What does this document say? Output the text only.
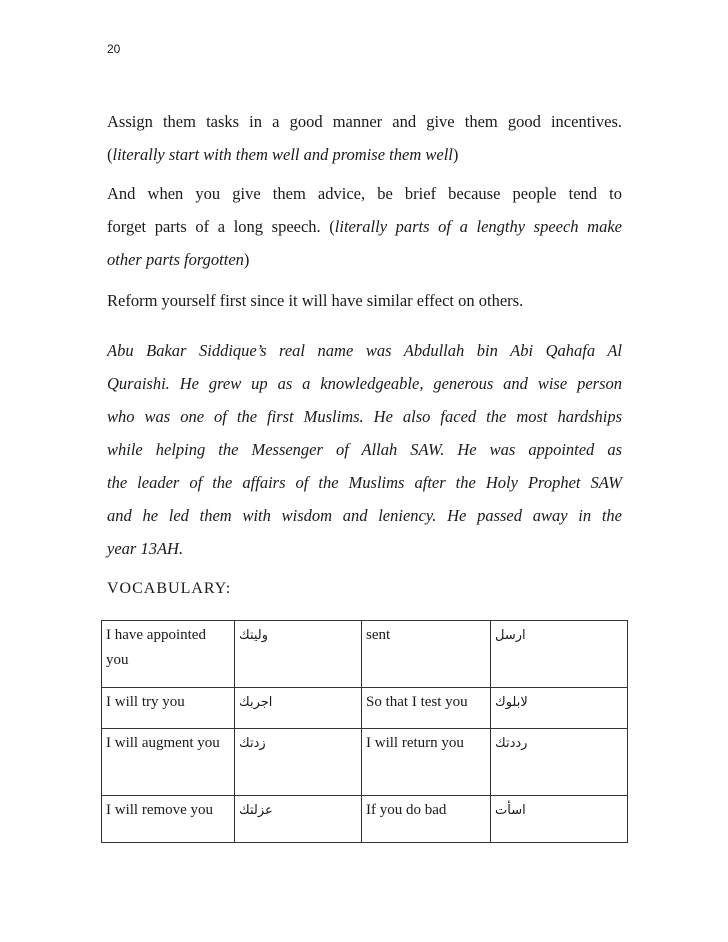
20
Assign them tasks in a good manner and give them good incentives.
(literally start with them well and promise them well)
And when you give them advice, be brief because people tend to
forget parts of a long speech. (literally parts of a lengthy speech make
other parts forgotten)
Reform yourself first since it will have similar effect on others.
Abu Bakar Siddique’s real name was Abdullah bin Abi Qahafa Al
Quraishi. He grew up as a knowledgeable, generous and wise person
who was one of the first Muslims. He also faced the most hardships
while helping the Messenger of Allah SAW. He was appointed as
the leader of the affairs of the Muslims after the Holy Prophet SAW
and he led them with wisdom and leniency. He passed away in the
year 13AH.
VOCABULARY:
I have appointed you	وليتك	sent	ارسل
I will try you	اجربك	So that I test you	لابلوك
I will augment you	زدتك	I will return you	رددتك
I will remove you	عزلتك	If you do bad	اسأت
